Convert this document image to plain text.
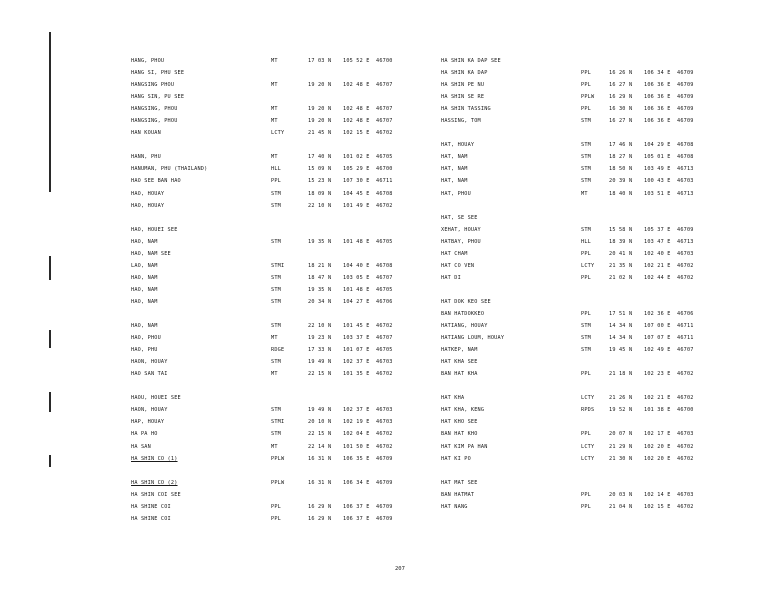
HANG, PHOU	MT	17 03 N 105 52 E 46700
HANG SI, PHU SEE
HANGSING PHOU	MT	19 20 N 102 48 E 46707
HANG SIN, PU SEE
HANGSING, PHOU	MT	19 20 N 102 48 E 46707
HANGSING, PHOU	MT	19 20 N 102 48 E 46707
HAN KOUAN	LCTY	21 45 N 102 15 E 46702
HANN, PHU	MT	17 40 N 101 02 E 46705
HANUMAN, PHU (THAILAND)	HLL	15 09 N 105 29 E 46700
HAO SEE BAN HAO	PPL	15 23 N 107 30 E 46711
HAO, HOUAY	STM	18 09 N 104 45 E 46708
HAO, HOUAY	STM	22 10 N 101 49 E 46702
HAO, HOUEI SEE
HAO, NAM	STM	19 35 N 101 48 E 46705
HAO, NAM SEE
LAO, NAM	STMI	18 21 N 104 40 E 46708
HAO, NAM	STM	18 47 N 103 05 E 46707
HAO, NAM	STM	19 35 N 101 48 E 46705
HAO, NAM	STM	20 34 N 104 27 E 46706
HAO, NAM	STM	22 10 N 101 45 E 46702
HAO, PHOU	MT	19 23 N 103 37 E 46707
HAO, PHU	RDGE	17 33 N 101 07 E 46705
HAON, HOUAY	STM	19 49 N 102 37 E 46703
HAO SAN TAI	MT	22 15 N 101 35 E 46702
HAOU, HOUEI SEE
HAON, HOUAY	STM	19 49 N 102 37 E 46703
HAP, HOUAY	STMI	20 10 N 102 19 E 46703
HA PA HO	STM	22 15 N 102 04 E 46702
HA SAN	MT	22 14 N 101 50 E 46702
HA SHIN CO (1)	PPLW	16 31 N 106 35 E 46709
HA SHIN CO (2)	PPLW	16 31 N 106 34 E 46709
HA SHIN COI SEE
HA SHINE COI	PPL	16 29 N 106 37 E 46709
HA SHINE COI	PPL	16 29 N 106 37 E 46709
HA SHIN KA DAP SEE
HA SHIN KA DAP	PPL	16 26 N 106 34 E 46709
HA SHIN PE NU	PPL	16 27 N 106 36 E 46709
HA SHIN SE RE	PPLW	16 29 N 106 36 E 46709
HA SHIN TASSING	PPL	16 30 N 106 36 E 46709
HASSING, TOM	STM	16 27 N 106 36 E 46709
HAT, HOUAY	STM	17 46 N 104 29 E 46708
HAT, NAM	STM	18 27 N 105 01 E 46708
HAT, NAM	STM	18 50 N 103 49 E 46713
HAT, NAM	STM	20 39 N 100 43 E 46703
HAT, PHOU	MT	18 40 N 103 51 E 46713
HAT, SE SEE
XEHAT, HOUAY	STM	15 58 N 105 37 E 46709
HATBAY, PHOU	HLL	18 39 N 103 47 E 46713
HAT CHAM	PPL	20 41 N 102 40 E 46703
HAT CO VEN	LCTY	21 35 N 102 21 E 46702
HAT DI	PPL	21 02 N 102 44 E 46702
HAT DOK KEO SEE
BAN HATDOKKEO	PPL	17 51 N 102 36 E 46706
HATIANG, HOUAY	STM	14 34 N 107 00 E 46711
HATIANG LOUM, HOUAY	STM	14 34 N 107 07 E 46711
HATKEP, NAM	STM	19 45 N 102 49 E 46707
HAT KHA SEE
BAN HAT KHA	PPL	21 18 N 102 23 E 46702
HAT KHA	LCTY	21 26 N 102 21 E 46702
HAT KHA, KENG	RPDS	19 52 N 101 38 E 46700
HAT KHO SEE
BAN HAT KHO	PPL	20 07 N 102 17 E 46703
HAT KIM PA HAN	LCTY	21 29 N 102 20 E 46702
HAT KI PO	LCTY	21 30 N 102 20 E 46702
HAT MAT SEE
BAN HATMAT	PPL	20 03 N 102 14 E 46703
HAT NANG	PPL	21 04 N 102 15 E 46702
207
